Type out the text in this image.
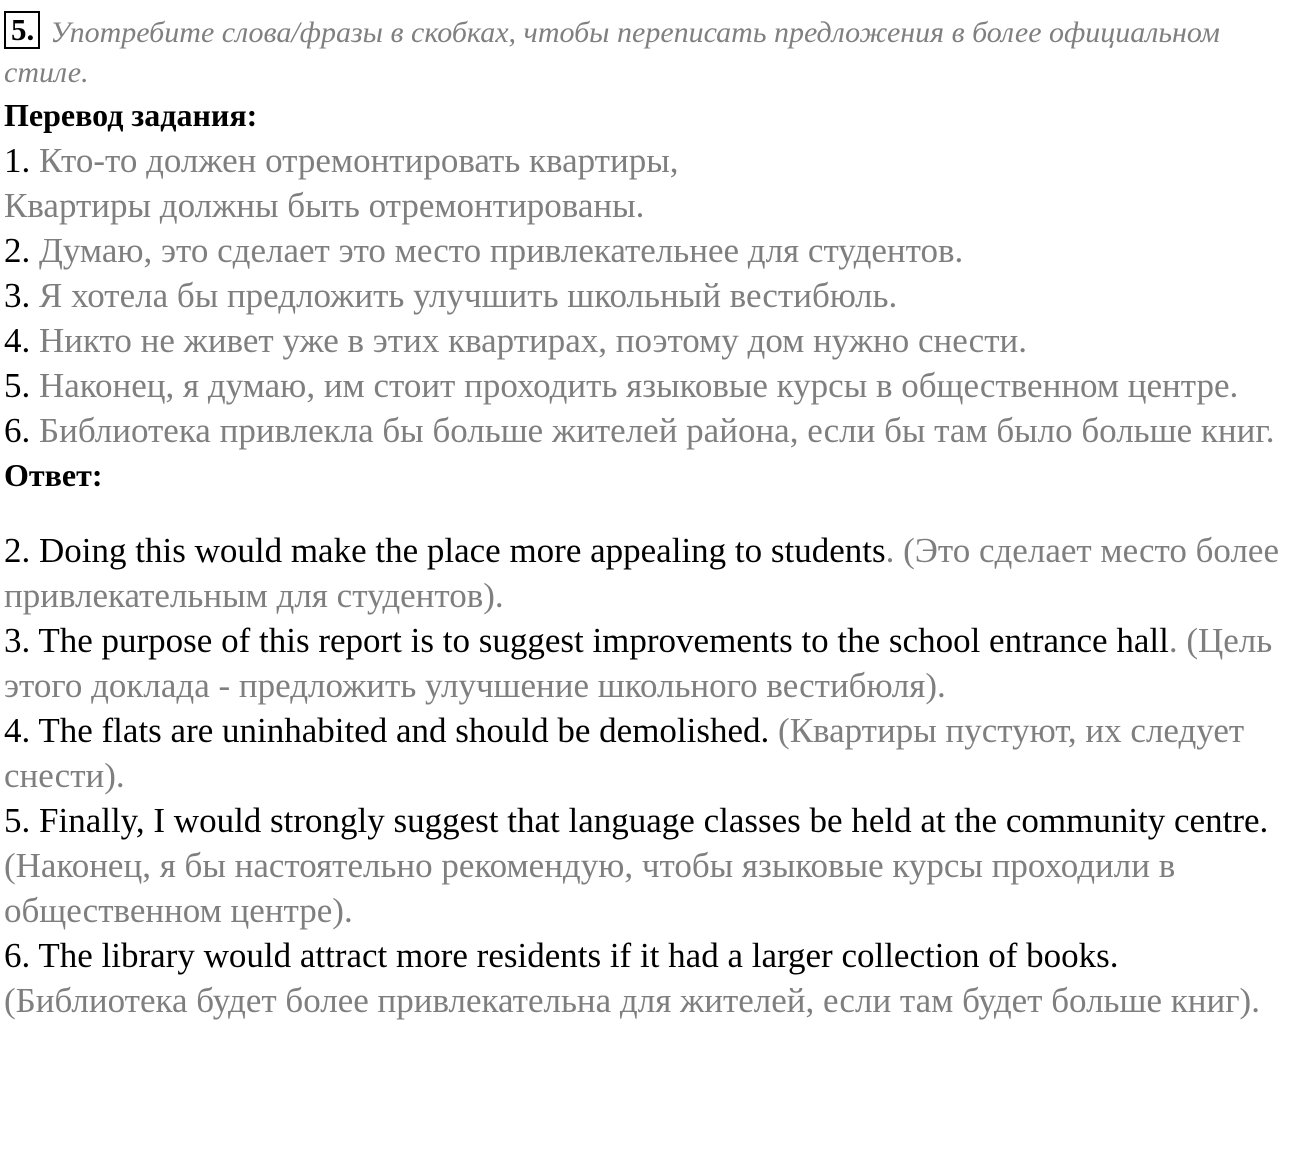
5. Употребите слова/фразы в скобках, чтобы переписать предложения в более официальном стиле.
Перевод задания:
1. Кто-то должен отремонтировать квартиры,
Квартиры должны быть отремонтированы.
2. Думаю, это сделает это место привлекательнее для студентов.
3. Я хотела бы предложить улучшить школьный вестибюль.
4. Никто не живет уже в этих квартирах, поэтому дом нужно снести.
5. Наконец, я думаю, им стоит проходить языковые курсы в общественном центре.
6. Библиотека привлекла бы больше жителей района, если бы там было больше книг.
Ответ:
2. Doing this would make the place more appealing to students. (Это сделает место более привлекательным для студентов).
3. The purpose of this report is to suggest improvements to the school entrance hall. (Цель этого доклада - предложить улучшение школьного вестибюля).
4. The flats are uninhabited and should be demolished. (Квартиры пустуют, их следует снести).
5. Finally, I would strongly suggest that language classes be held at the community centre. (Наконец, я бы настоятельно рекомендую, чтобы языковые курсы проходили в общественном центре).
6. The library would attract more residents if it had a larger collection of books. (Библиотека будет более привлекательна для жителей, если там будет больше книг).
